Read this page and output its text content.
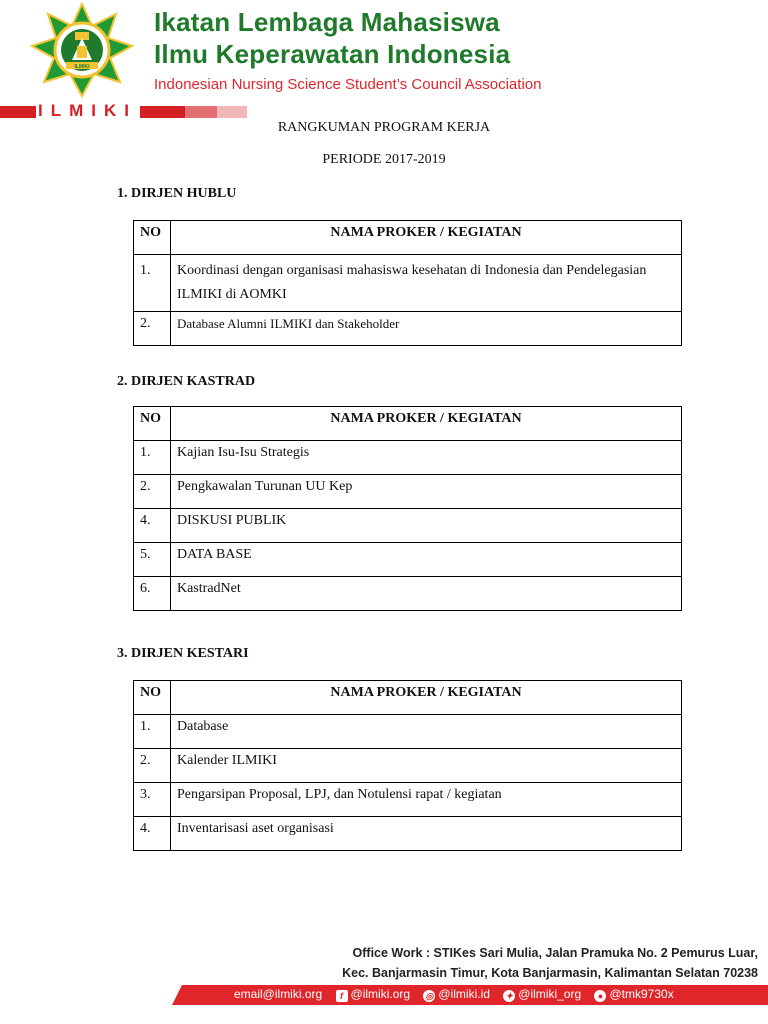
ILMIKI
Ikatan Lembaga Mahasiswa
Ilmu Keperawatan Indonesia
Indonesian Nursing Science Student’s Council Association
ILMIKI
RANGKUMAN PROGRAM KERJA
PERIODE 2017-2019
1. DIRJEN HUBLU
NO	NAMA PROKER / KEGIATAN
1.	Koordinasi dengan organisasi mahasiswa kesehatan di Indonesia dan Pendelegasian ILMIKI di AOMKI
2.	Database Alumni ILMIKI dan Stakeholder
2. DIRJEN KASTRAD
NO	NAMA PROKER / KEGIATAN
1.	Kajian Isu-Isu Strategis
2.	Pengkawalan Turunan UU Kep
4.	DISKUSI PUBLIK
5.	DATA BASE
6.	KastradNet
3. DIRJEN KESTARI
NO	NAMA PROKER / KEGIATAN
1.	Database
2.	Kalender ILMIKI
3.	Pengarsipan Proposal, LPJ, dan Notulensi rapat / kegiatan
4.	Inventarisasi aset organisasi
Office Work : STIKes Sari Mulia, Jalan Pramuka No. 2 Pemurus Luar,
Kec. Banjarmasin Timur, Kota Banjarmasin, Kalimantan Selatan 70238
email@ilmiki.org f @ilmiki.org ◎ @ilmiki.id ✦ @ilmiki_org ● @tmk9730x
